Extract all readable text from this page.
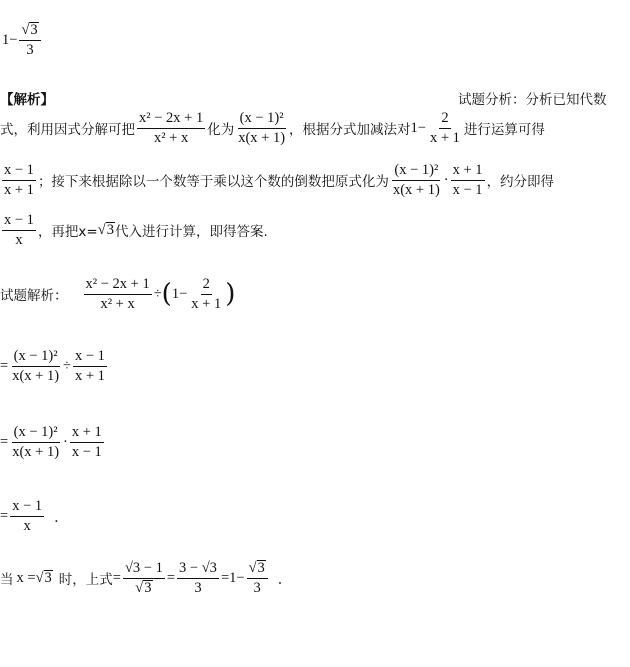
$1 - \frac{√3}{3}$
【解析】	试题分析：分析已知代数
式，利用因式分解可把 $\frac{\text{x² − 2x + 1}}{\text{x² + x}}$ 化为 $\frac{\text{(x − 1)²}}{x(x + 1)}$ ，根据分式加减法对 $1 - \frac{2}{x + 1}$ 进行运算可得
$\frac{x - 1}{x + 1}$ ；接下来根据除以一个数等于乘以这个数的倒数把原式化为 $\frac{\text{(x − 1)²}}{x(x + 1)} \cdot \frac{x + 1}{x - 1}$ ，约分即得
$\frac{x - 1}{x}$ ，再把x= √3 代入进行计算，即得答案.
试题解析： $\frac{\text{x² − 2x + 1}}{\text{x² + x}}$ ÷ ( $1 - \frac{2}{x + 1}$ )
= $\frac{\text{(x − 1)²}}{x(x + 1)} \div \frac{x - 1}{x + 1}$
= $\frac{\text{(x − 1)²}}{x(x + 1)} \cdot \frac{x + 1}{x - 1}$
= $\frac{x - 1}{x}$ ．
当 x = √3 时，上式 = $\frac{√3 - 1}{√3} = \frac{3 - √3}{3} = 1 - \frac{√3}{3}$ ．
